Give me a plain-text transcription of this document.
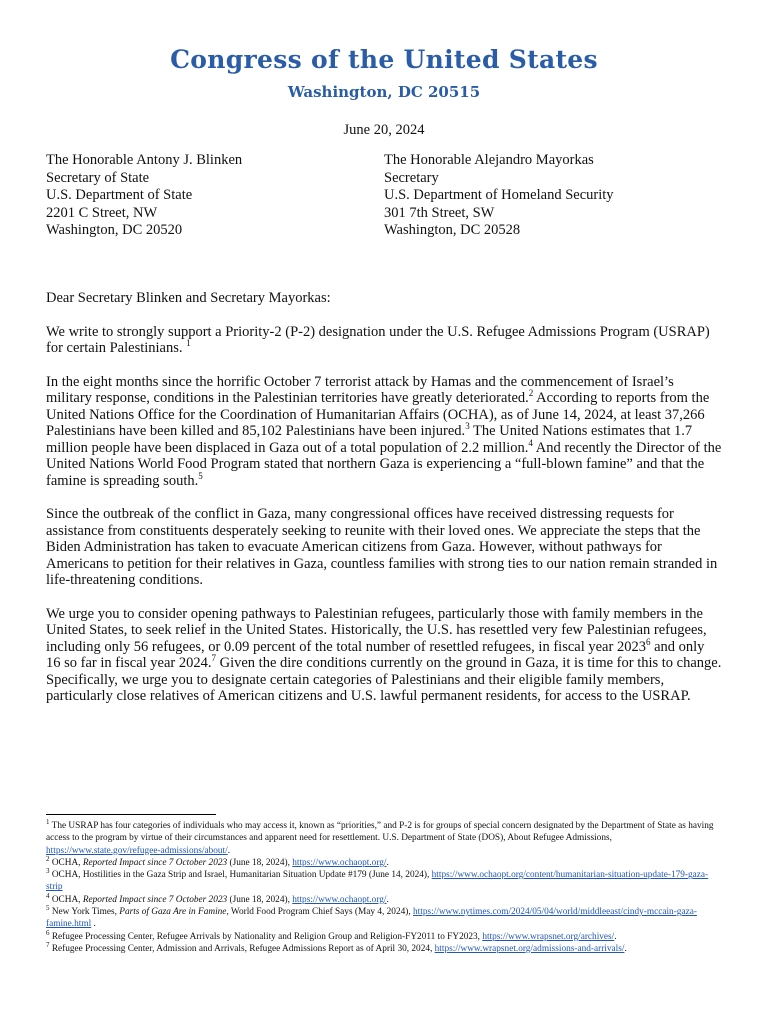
Congress of the United States
Washington, DC 20515
June 20, 2024
The Honorable Antony J. Blinken
Secretary of State
U.S. Department of State
2201 C Street, NW
Washington, DC 20520
The Honorable Alejandro Mayorkas
Secretary
U.S. Department of Homeland Security
301 7th Street, SW
Washington, DC 20528

Dear Secretary Blinken and Secretary Mayorkas:

We write to strongly support a Priority-2 (P-2) designation under the U.S. Refugee Admissions Program (USRAP) for certain Palestinians. $^1$

In the eight months since the horrific October 7 terrorist attack by Hamas and the commencement of Israel’s military response, conditions in the Palestinian territories have greatly deteriorated.$^2$ According to reports from the United Nations Office for the Coordination of Humanitarian Affairs (OCHA), as of June 14, 2024, at least 37,266 Palestinians have been killed and 85,102 Palestinians have been injured.$^3$ The United Nations estimates that 1.7 million people have been displaced in Gaza out of a total population of 2.2 million.$^4$ And recently the Director of the United Nations World Food Program stated that northern Gaza is experiencing a “full-blown famine” and that the famine is spreading south.$^5$

Since the outbreak of the conflict in Gaza, many congressional offices have received distressing requests for assistance from constituents desperately seeking to reunite with their loved ones. We appreciate the steps that the Biden Administration has taken to evacuate American citizens from Gaza. However, without pathways for Americans to petition for their relatives in Gaza, countless families with strong ties to our nation remain stranded in life-threatening conditions.

We urge you to consider opening pathways to Palestinian refugees, particularly those with family members in the United States, to seek relief in the United States. Historically, the U.S. has resettled very few Palestinian refugees, including only 56 refugees, or 0.09 percent of the total number of resettled refugees, in fiscal year 2023$^6$ and only 16 so far in fiscal year 2024.$^7$ Given the dire conditions currently on the ground in Gaza, it is time for this to change. Specifically, we urge you to designate certain categories of Palestinians and their eligible family members, particularly close relatives of American citizens and U.S. lawful permanent residents, for access to the USRAP.

$^1$ The USRAP has four categories of individuals who may access it, known as “priorities,” and P-2 is for groups of special concern designated by the Department of State as having access to the program by virtue of their circumstances and apparent need for resettlement. U.S. Department of State (DOS), About Refugee Admissions, https://www.state.gov/refugee-admissions/about/.

$^2$ OCHA, Reported Impact since 7 October 2023 (June 18, 2024), https://www.ochaopt.org/.

$^3$ OCHA, Hostilities in the Gaza Strip and Israel, Humanitarian Situation Update #179 (June 14, 2024), https://www.ochaopt.org/content/humanitarian-situation-update-179-gaza-strip

$^4$ OCHA, Reported Impact since 7 October 2023 (June 18, 2024), https://www.ochaopt.org/.

$^5$ New York Times, Parts of Gaza Are in Famine, World Food Program Chief Says (May 4, 2024), https://www.nytimes.com/2024/05/04/world/middleeast/cindy-mccain-gaza-famine.html .

$^6$ Refugee Processing Center, Refugee Arrivals by Nationality and Religion Group and Religion-FY2011 to FY2023, https://www.wrapsnet.org/archives/.

$^7$ Refugee Processing Center, Admission and Arrivals, Refugee Admissions Report as of April 30, 2024, https://www.wrapsnet.org/admissions-and-arrivals/.
